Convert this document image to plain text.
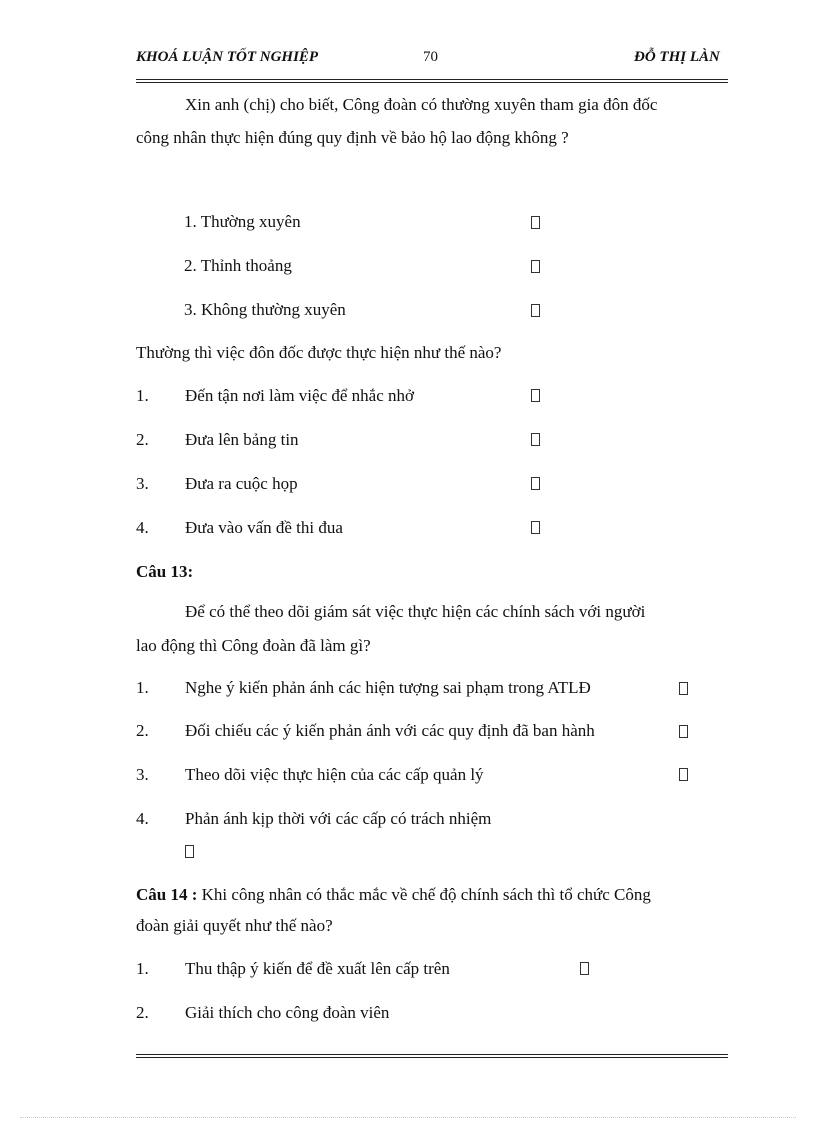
KHOÁ LUẬN TỐT NGHIỆP	70	ĐỖ THỊ LÀN
Xin anh (chị) cho biết, Công đoàn có thường xuyên tham gia đôn đốc
công nhân thực hiện đúng quy định về bảo hộ lao động không ?
1. Thường xuyên
2. Thỉnh thoảng
3. Không thường xuyên
Thường thì việc đôn đốc được thực hiện như thế nào?
1. Đến tận nơi làm việc để nhắc nhở
2. Đưa lên bảng tin
3. Đưa ra cuộc họp
4. Đưa vào vấn đề thi đua
Câu 13:
Để có thể theo dõi giám sát việc thực hiện các chính sách với người
lao động thì Công đoàn đã làm gì?
1. Nghe ý kiến phản ánh các hiện tượng sai phạm trong ATLĐ
2. Đối chiếu các ý kiến phản ánh với các quy định đã ban hành
3. Theo dõi việc thực hiện của các cấp quản lý
4. Phản ánh kịp thời với các cấp có trách nhiệm
Câu 14 : Khi công nhân có thắc mắc về chế độ chính sách thì tổ chức Công
đoàn giải quyết như thế nào?
1. Thu thập ý kiến để đề xuất lên cấp trên
2. Giải thích cho công đoàn viên
